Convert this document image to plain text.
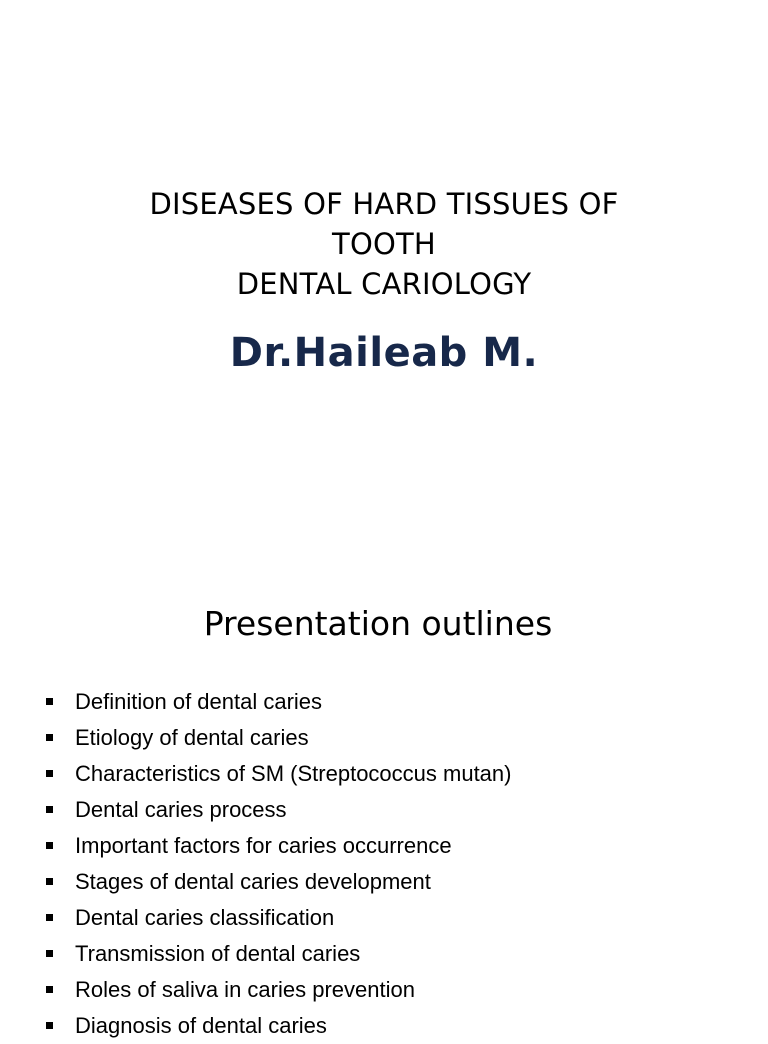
DISEASES OF HARD TISSUES OF
TOOTH
DENTAL CARIOLOGY
Dr.Haileab M.
Presentation outlines
Definition of dental caries
Etiology of dental caries
Characteristics of SM (Streptococcus mutan)
Dental caries process
Important factors for caries occurrence
Stages of dental caries development
Dental caries classification
Transmission of dental caries
Roles of saliva in caries prevention
Diagnosis of dental caries
